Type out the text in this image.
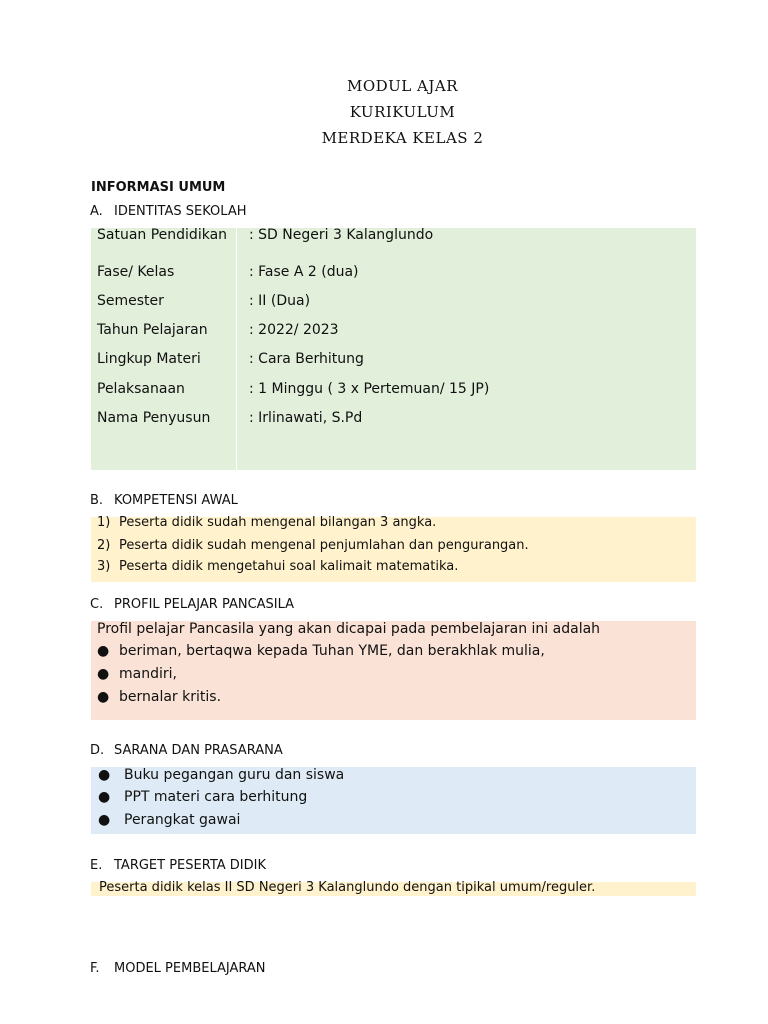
MODUL AJAR
KURIKULUM
MERDEKA KELAS 2
INFORMASI UMUM
A. IDENTITAS SEKOLAH
Satuan Pendidikan	: SD Negeri 3 Kalanglundo
Fase/ Kelas	: Fase A 2 (dua)
Semester	: II (Dua)
Tahun Pelajaran	: 2022/ 2023
Lingkup Materi	: Cara Berhitung
Pelaksanaan	: 1 Minggu ( 3 x Pertemuan/ 15 JP)
Nama Penyusun	: Irlinawati, S.Pd
B. KOMPETENSI AWAL
1) Peserta didik sudah mengenal bilangan 3 angka.
2) Peserta didik sudah mengenal penjumlahan dan pengurangan.
3) Peserta didik mengetahui soal kalimait matematika.
C. PROFIL PELAJAR PANCASILA
Profil pelajar Pancasila yang akan dicapai pada pembelajaran ini adalah
● beriman, bertaqwa kepada Tuhan YME, dan berakhlak mulia,
● mandiri,
● bernalar kritis.
D. SARANA DAN PRASARANA
● Buku pegangan guru dan siswa
● PPT materi cara berhitung
● Perangkat gawai
E. TARGET PESERTA DIDIK
Peserta didik kelas II SD Negeri 3 Kalanglundo dengan tipikal umum/reguler.
F. MODEL PEMBELAJARAN
